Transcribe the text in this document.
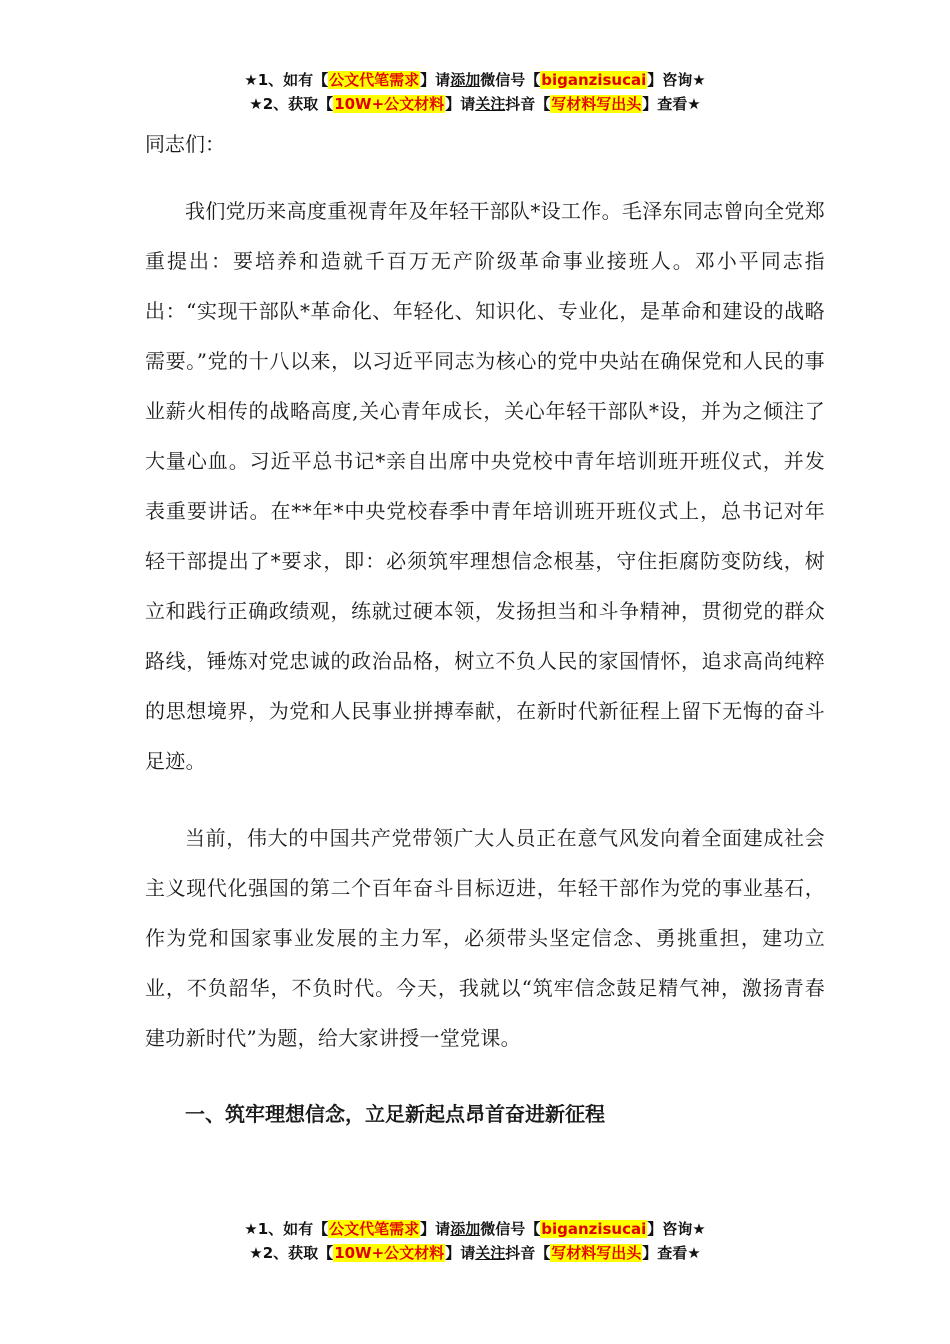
★1、如有【公文代笔需求】请添加微信号【biganzisucai】咨询★
★2、获取【10W+公文材料】请关注抖音【写材料写出头】查看★

同志们：

我们党历来高度重视青年及年轻干部队*设工作。毛泽东同志曾向全党郑重提出：要培养和造就千百万无产阶级革命事业接班人。邓小平同志指出：“实现干部队*革命化、年轻化、知识化、专业化，是革命和建设的战略需要。”党的十八以来，以习近平同志为核心的党中央站在确保党和人民的事业薪火相传的战略高度,关心青年成长，关心年轻干部队*设，并为之倾注了大量心血。习近平总书记*亲自出席中央党校中青年培训班开班仪式，并发表重要讲话。在**年*中央党校春季中青年培训班开班仪式上，总书记对年轻干部提出了*要求，即：必须筑牢理想信念根基，守住拒腐防变防线，树立和践行正确政绩观，练就过硬本领，发扬担当和斗争精神，贯彻党的群众路线，锤炼对党忠诚的政治品格，树立不负人民的家国情怀，追求高尚纯粹的思想境界，为党和人民事业拼搏奉献，在新时代新征程上留下无悔的奋斗足迹。

当前，伟大的中国共产党带领广大人员正在意气风发向着全面建成社会主义现代化强国的第二个百年奋斗目标迈进，年轻干部作为党的事业基石，作为党和国家事业发展的主力军，必须带头坚定信念、勇挑重担，建功立业，不负韶华，不负时代。今天，我就以“筑牢信念鼓足精气神，激扬青春建功新时代”为题，给大家讲授一堂党课。

一、筑牢理想信念，立足新起点昂首奋进新征程
★1、如有【公文代笔需求】请添加微信号【biganzisucai】咨询★
★2、获取【10W+公文材料】请关注抖音【写材料写出头】查看★
